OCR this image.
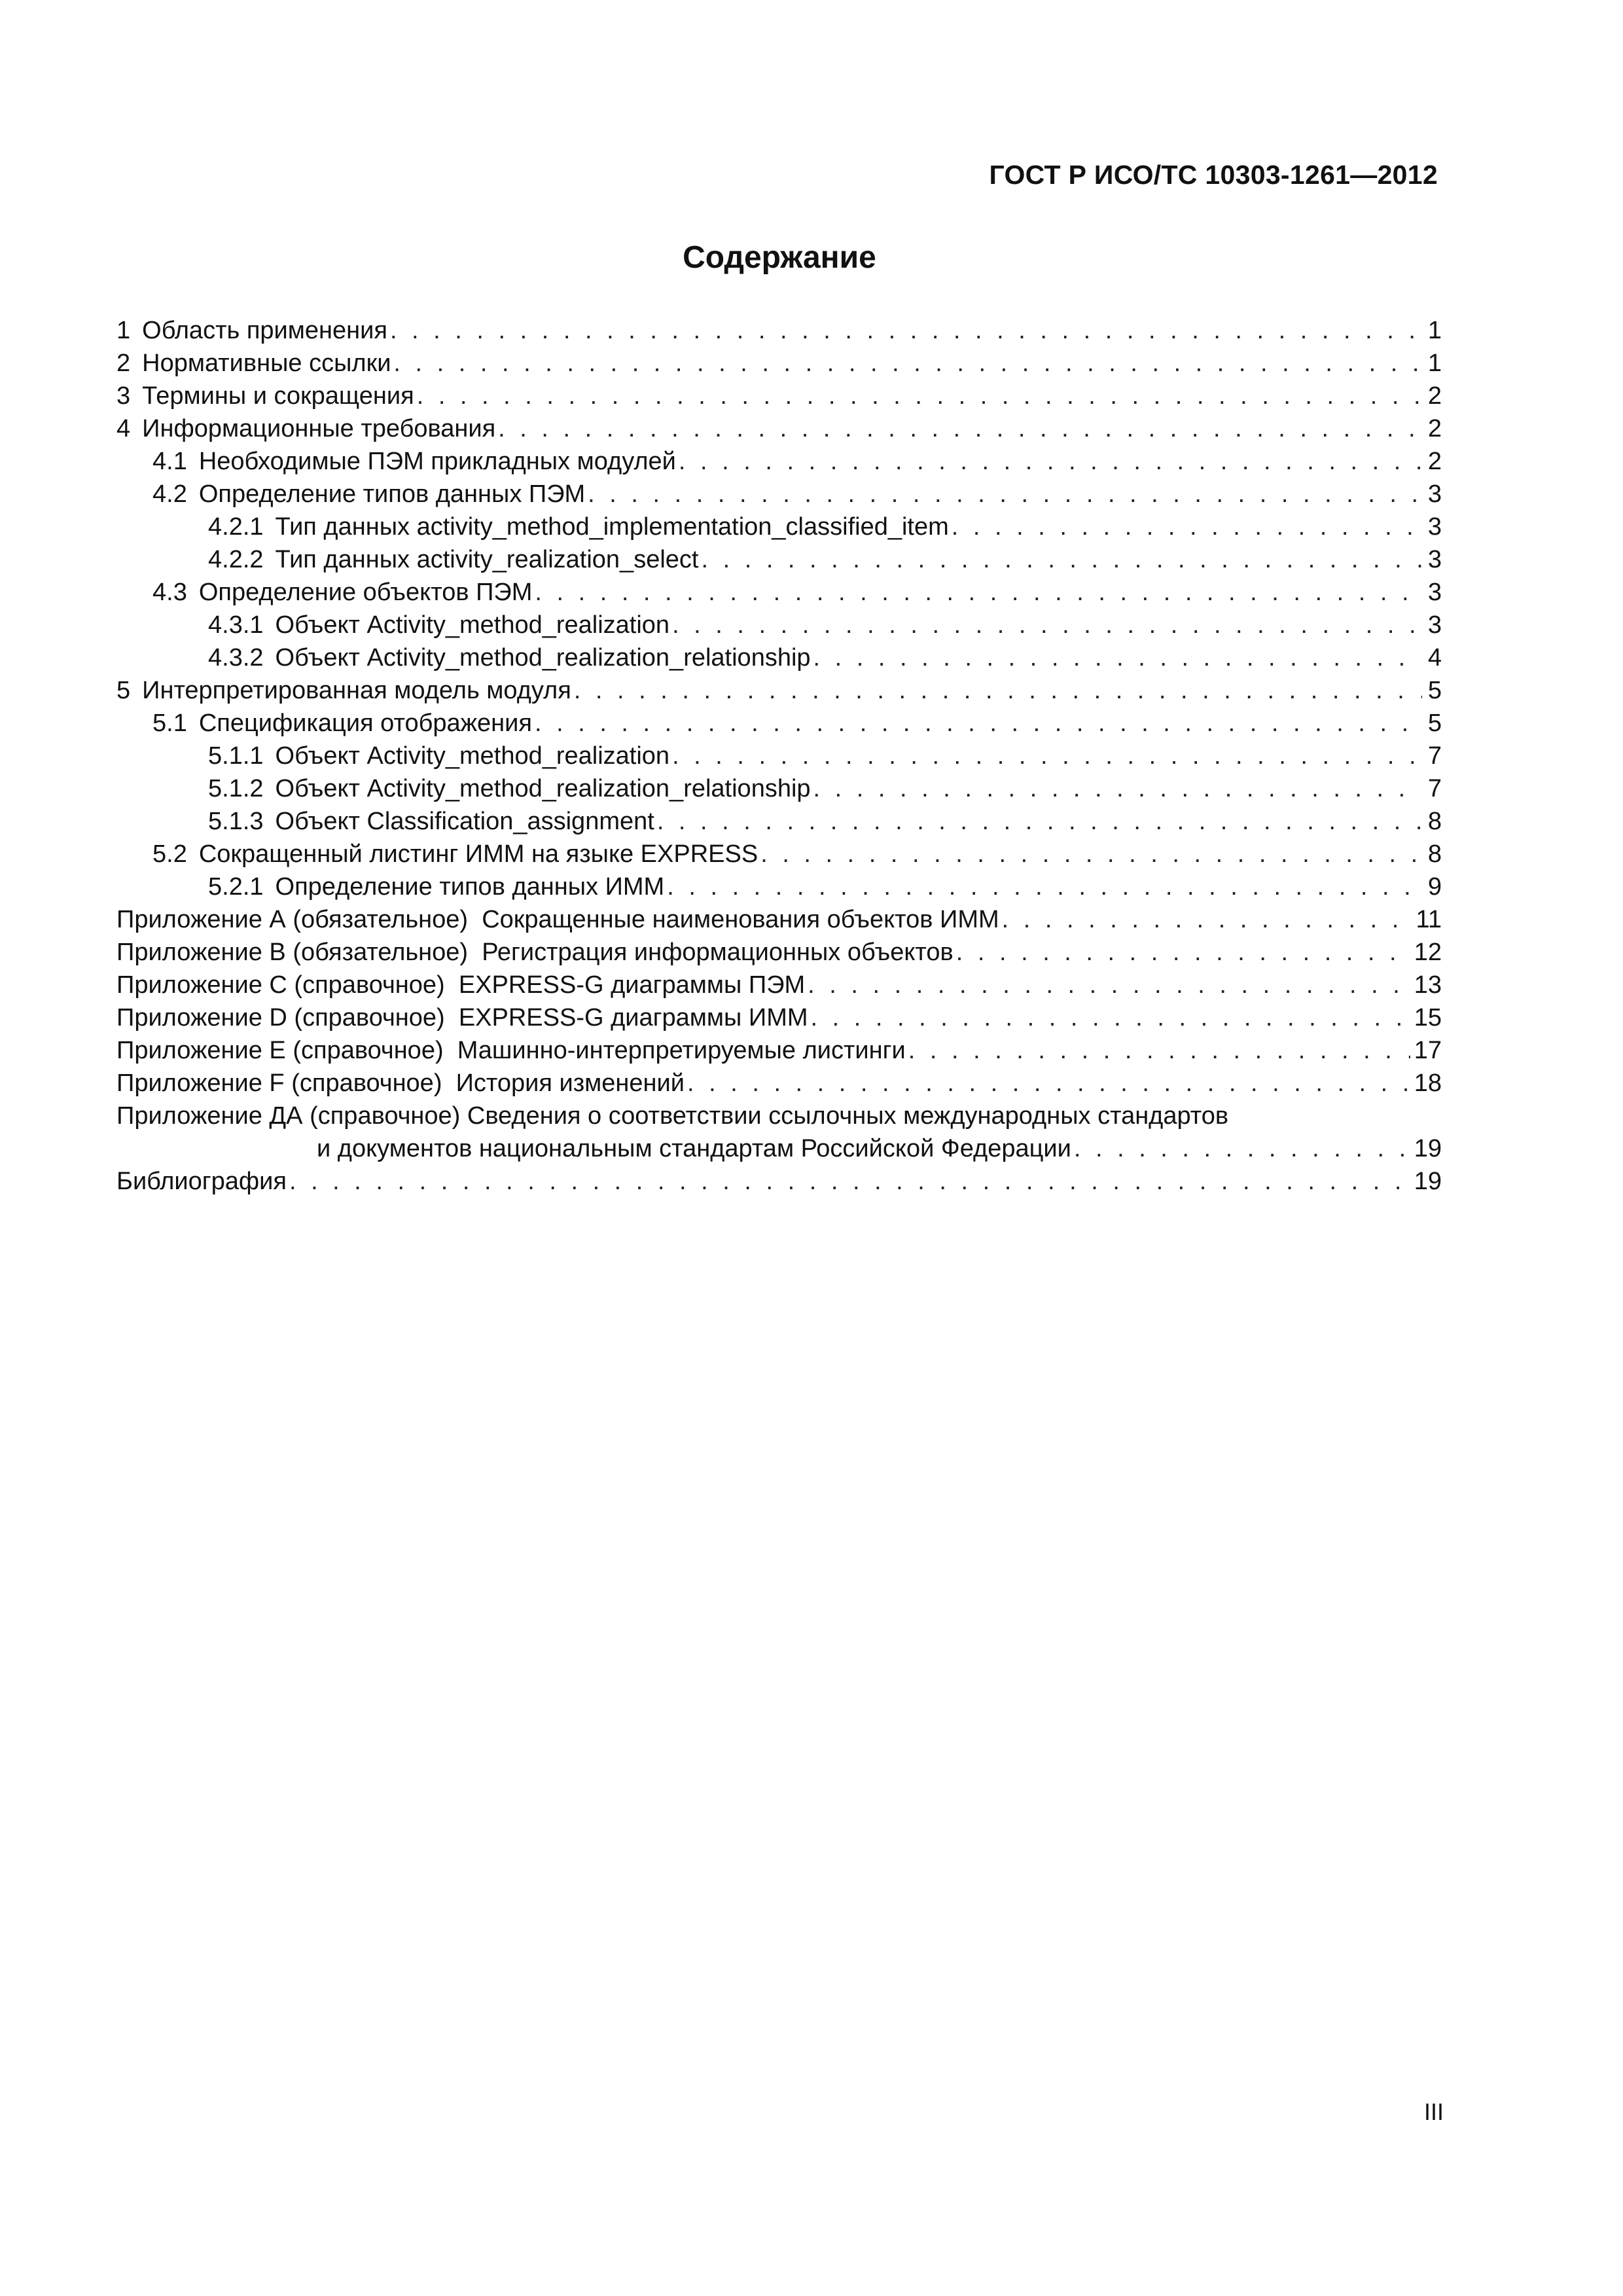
ГОСТ Р ИСО/ТС 10303-1261—2012
Содержание
1 Область применения . . .	1
2 Нормативные ссылки . . .	1
3 Термины и сокращения . . .	2
4 Информационные требования . . .	2
4.1 Необходимые ПЭМ прикладных модулей . . .	2
4.2 Определение типов данных ПЭМ . . .	3
4.2.1 Тип данных activity_method_implementation_classified_item . . .	3
4.2.2 Тип данных activity_realization_select . . .	3
4.3 Определение объектов ПЭМ . . .	3
4.3.1 Объект Activity_method_realization . . .	3
4.3.2 Объект Activity_method_realization_relationship . . .	4
5 Интерпретированная модель модуля . . .	5
5.1 Спецификация отображения . . .	5
5.1.1 Объект Activity_method_realization . . .	7
5.1.2 Объект Activity_method_realization_relationship . . .	7
5.1.3 Объект Classification_assignment . . .	8
5.2 Сокращенный листинг ИММ на языке EXPRESS . . .	8
5.2.1 Определение типов данных ИММ . . .	9
Приложение А (обязательное)  Сокращенные наименования объектов ИММ . . .	11
Приложение В (обязательное)  Регистрация информационных объектов . . .	12
Приложение С (справочное)  EXPRESS-G диаграммы ПЭМ . . .	13
Приложение D (справочное)  EXPRESS-G диаграммы ИММ . . .	15
Приложение E (справочное)  Машинно-интерпретируемые листинги . . .	17
Приложение F (справочное)  История изменений . . .	18
Приложение ДА (справочное) Сведения о соответствии ссылочных международных стандартов
и документов национальным стандартам Российской Федерации . . .	19
Библиография . . .	19
III
